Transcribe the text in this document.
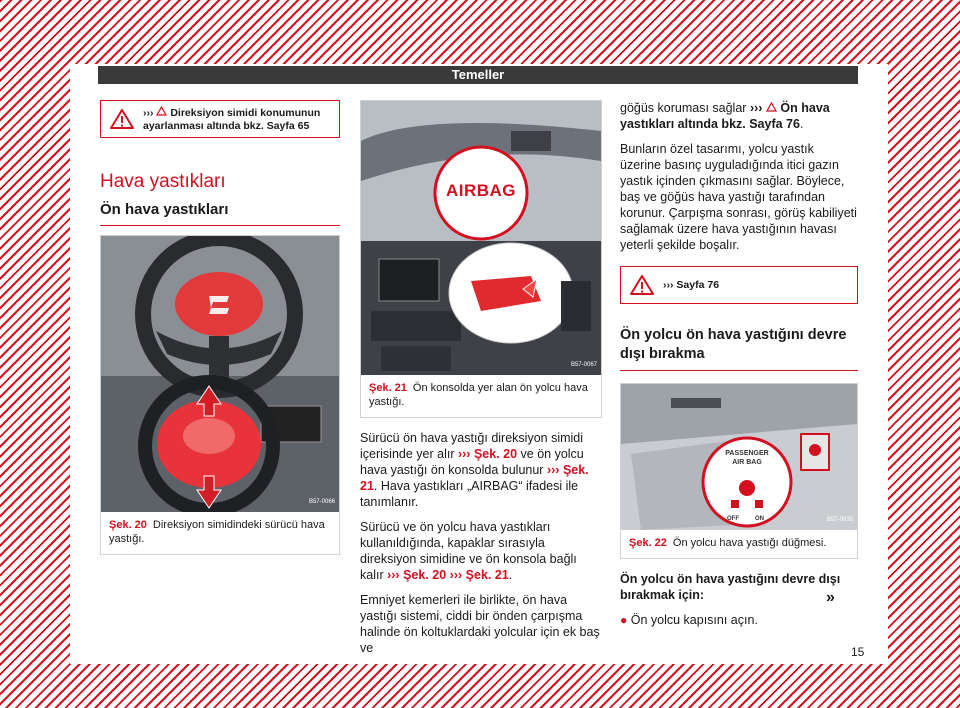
Temeller
››› Direksiyon simidi konumunun ayarlanması altında bkz. Sayfa 65
Hava yastıkları
Ön hava yastıkları
B57-0066
Şek. 20 Direksiyon simidindeki sürücü hava yastığı.
AIRBAG
B57-0067
Şek. 21 Ön konsolda yer alan ön yolcu hava yastığı.

Sürücü ön hava yastığı direksiyon simidi içerisinde yer alır ››› Şek. 20 ve ön yolcu hava yastığı ön konsolda bulunur ››› Şek. 21. Hava yastıkları „AIRBAG“ ifadesi ile tanımlanır.

Sürücü ve ön yolcu hava yastıkları kullanıldığında, kapaklar sırasıyla direksiyon simidine ve ön konsola bağlı kalır ››› Şek. 20 ››› Şek. 21.

Emniyet kemerleri ile birlikte, ön hava yastığı sistemi, ciddi bir önden çarpışma halinde ön koltuklardaki yolcular için ek baş ve

göğüs koruması sağlar ››› Ön hava yastıkları altında bkz. Sayfa 76.

Bunların özel tasarımı, yolcu yastık üzerine basınç uyguladığında itici gazın yastık içinden çıkmasını sağlar. Böylece, baş ve göğüs hava yastığı tarafından korunur. Çarpışma sonrası, görüş kabiliyeti sağlamak üzere hava yastığının havası yeterli şekilde boşalır.

››› Sayfa 76
Ön yolcu ön hava yastığını devre dışı bırakma
PASSENGER
AIR BAG
OFF	ON	B57-0035
Şek. 22 Ön yolcu hava yastığı düğmesi.

Ön yolcu ön hava yastığını devre dışı bırakmak için:

● Ön yolcu kapısını açın.
»
15
